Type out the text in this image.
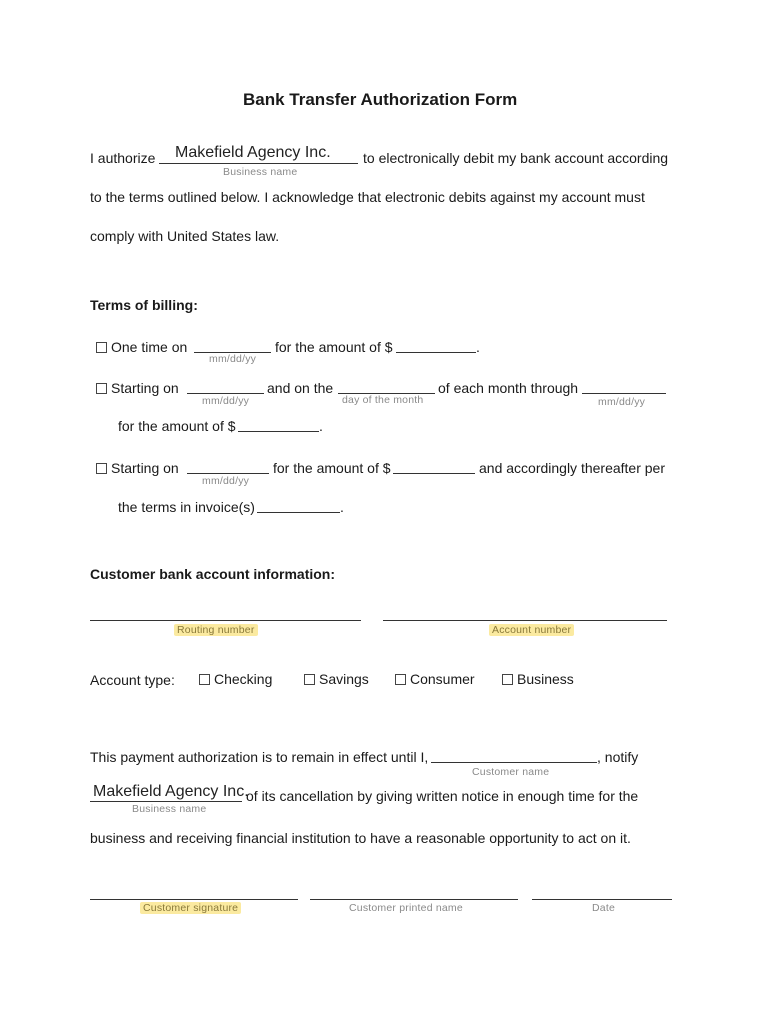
Bank Transfer Authorization Form
I authorize Makefield Agency Inc. to electronically debit my bank account according
Business name
to the terms outlined below. I acknowledge that electronic debits against my account must
comply with United States law.
Terms of billing:
One time on	for the amount of $	.
mm/dd/yy
Starting on	and on the	of each month through
mm/dd/yy	day of the month	mm/dd/yy
for the amount of $	.
Starting on	for the amount of $	and accordingly thereafter per
mm/dd/yy
the terms in invoice(s)	.
Customer bank account information:
Routing number	Account number
Account type:	Checking	Savings	Consumer	Business
This payment authorization is to remain in effect until I,	, notify
Customer name
Makefield Agency Inc.
of its cancellation by giving written notice in enough time for the
Business name
business and receiving financial institution to have a reasonable opportunity to act on it.
Customer signature	Customer printed name	Date
